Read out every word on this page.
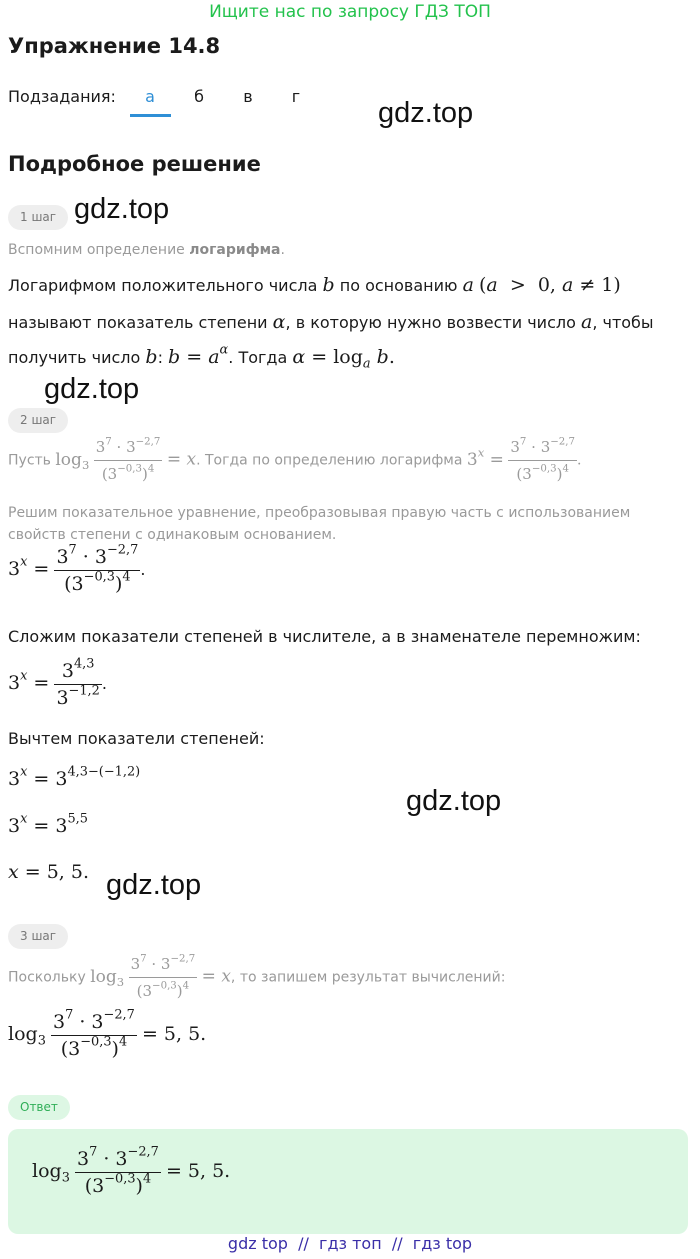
Ищите нас по запросу ГДЗ ТОП
Упражнение 14.8
Подзадания:	а	б	в	г
gdz.top
gdz.top
gdz.top
gdz.top
gdz.top
Подробное решение
1 шаг
Вспомним определение логарифма.
Логарифмом положительного числа b по основанию a (a  >  0, a ≠ 1)
называют показатель степени α, в которую нужно возвести число a, чтобы
получить число b: $b = a^\alpha$. Тогда $\alpha = \log_a b$.
2 шаг
Пусть $\log_3 \frac{3^7 \cdot 3^{-2,7}}{(3^{-0,3})^4} = x$. Тогда по определению логарифма $3^x = \frac{3^7 \cdot 3^{-2,7}}{(3^{-0,3})^4}$ .
Решим показательное уравнение, преобразовывая правую часть с использованием свойств степени с одинаковым основанием.
$3^x = \frac{3^7 \cdot 3^{-2,7}}{(3^{-0,3})^4}$ .
Сложим показатели степеней в числителе, а в знаменателе перемножим:
$3^x = \frac{3^{4,3}}{3^{-1,2}}$ .
Вычтем показатели степеней:
$3^x = 3^{4,3-(-1,2)}$
$3^x = 3^{5,5}$
x = 5, 5.
3 шаг
Поскольку $\log_3 \frac{3^7 \cdot 3^{-2,7}}{(3^{-0,3})^4} = x$, то запишем результат вычислений:
$\log_3 \frac{3^7 \cdot 3^{-2,7}}{(3^{-0,3})^4} = 5$, 5.
Ответ
$\log_3 \frac{3^7 \cdot 3^{-2,7}}{(3^{-0,3})^4} = 5$, 5.
gdz top  //  гдз топ  //  гдз top
